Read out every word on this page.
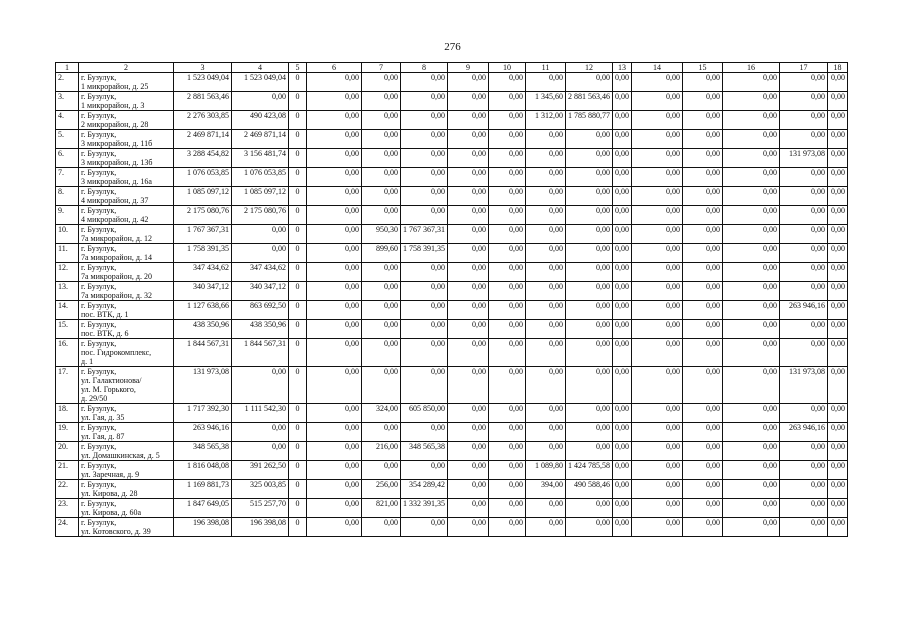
276
1	2	3	4	5	6	7	8	9	10	11	12	13	14	15	16	17	18
2.	г. Бузулук,
1 микрорайон, д. 25	1 523 049,04	1 523 049,04	0	0,00	0,00	0,00	0,00	0,00	0,00	0,00	0,00	0,00	0,00	0,00	0,00	0,00
3.	г. Бузулук,
1 микрорайон, д. 3	2 881 563,46	0,00	0	0,00	0,00	0,00	0,00	0,00	1 345,60	2 881 563,46	0,00	0,00	0,00	0,00	0,00	0,00
4.	г. Бузулук,
2 микрорайон, д. 28	2 276 303,85	490 423,08	0	0,00	0,00	0,00	0,00	0,00	1 312,00	1 785 880,77	0,00	0,00	0,00	0,00	0,00	0,00
5.	г. Бузулук,
3 микрорайон, д. 11б	2 469 871,14	2 469 871,14	0	0,00	0,00	0,00	0,00	0,00	0,00	0,00	0,00	0,00	0,00	0,00	0,00	0,00
6.	г. Бузулук,
3 микрорайон, д. 13б	3 288 454,82	3 156 481,74	0	0,00	0,00	0,00	0,00	0,00	0,00	0,00	0,00	0,00	0,00	0,00	131 973,08	0,00
7.	г. Бузулук,
3 микрорайон, д. 16а	1 076 053,85	1 076 053,85	0	0,00	0,00	0,00	0,00	0,00	0,00	0,00	0,00	0,00	0,00	0,00	0,00	0,00
8.	г. Бузулук,
4 микрорайон, д. 37	1 085 097,12	1 085 097,12	0	0,00	0,00	0,00	0,00	0,00	0,00	0,00	0,00	0,00	0,00	0,00	0,00	0,00
9.	г. Бузулук,
4 микрорайон, д. 42	2 175 080,76	2 175 080,76	0	0,00	0,00	0,00	0,00	0,00	0,00	0,00	0,00	0,00	0,00	0,00	0,00	0,00
10.	г. Бузулук,
7а микрорайон, д. 12	1 767 367,31	0,00	0	0,00	950,30	1 767 367,31	0,00	0,00	0,00	0,00	0,00	0,00	0,00	0,00	0,00	0,00
11.	г. Бузулук,
7а микрорайон, д. 14	1 758 391,35	0,00	0	0,00	899,60	1 758 391,35	0,00	0,00	0,00	0,00	0,00	0,00	0,00	0,00	0,00	0,00
12.	г. Бузулук,
7а микрорайон, д. 20	347 434,62	347 434,62	0	0,00	0,00	0,00	0,00	0,00	0,00	0,00	0,00	0,00	0,00	0,00	0,00	0,00
13.	г. Бузулук,
7а микрорайон, д. 32	340 347,12	340 347,12	0	0,00	0,00	0,00	0,00	0,00	0,00	0,00	0,00	0,00	0,00	0,00	0,00	0,00
14.	г. Бузулук,
пос. ВТК, д. 1	1 127 638,66	863 692,50	0	0,00	0,00	0,00	0,00	0,00	0,00	0,00	0,00	0,00	0,00	0,00	263 946,16	0,00
15.	г. Бузулук,
пос. ВТК, д. 6	438 350,96	438 350,96	0	0,00	0,00	0,00	0,00	0,00	0,00	0,00	0,00	0,00	0,00	0,00	0,00	0,00
16.	г. Бузулук,
пос. Гидрокомплекс,
д. 1	1 844 567,31	1 844 567,31	0	0,00	0,00	0,00	0,00	0,00	0,00	0,00	0,00	0,00	0,00	0,00	0,00	0,00
17.	г. Бузулук,
ул. Галактионова/
ул. М. Горького,
д. 29/50	131 973,08	0,00	0	0,00	0,00	0,00	0,00	0,00	0,00	0,00	0,00	0,00	0,00	0,00	131 973,08	0,00
18.	г. Бузулук,
ул. Гая, д. 35	1 717 392,30	1 111 542,30	0	0,00	324,00	605 850,00	0,00	0,00	0,00	0,00	0,00	0,00	0,00	0,00	0,00	0,00
19.	г. Бузулук,
ул. Гая, д. 87	263 946,16	0,00	0	0,00	0,00	0,00	0,00	0,00	0,00	0,00	0,00	0,00	0,00	0,00	263 946,16	0,00
20.	г. Бузулук,
ул. Домашкинская, д. 5	348 565,38	0,00	0	0,00	216,00	348 565,38	0,00	0,00	0,00	0,00	0,00	0,00	0,00	0,00	0,00	0,00
21.	г. Бузулук,
ул. Заречная, д. 9	1 816 048,08	391 262,50	0	0,00	0,00	0,00	0,00	0,00	1 089,80	1 424 785,58	0,00	0,00	0,00	0,00	0,00	0,00
22.	г. Бузулук,
ул. Кирова, д. 28	1 169 881,73	325 003,85	0	0,00	256,00	354 289,42	0,00	0,00	394,00	490 588,46	0,00	0,00	0,00	0,00	0,00	0,00
23.	г. Бузулук,
ул. Кирова, д. 60а	1 847 649,05	515 257,70	0	0,00	821,00	1 332 391,35	0,00	0,00	0,00	0,00	0,00	0,00	0,00	0,00	0,00	0,00
24.	г. Бузулук,
ул. Котовского, д. 39	196 398,08	196 398,08	0	0,00	0,00	0,00	0,00	0,00	0,00	0,00	0,00	0,00	0,00	0,00	0,00	0,00
